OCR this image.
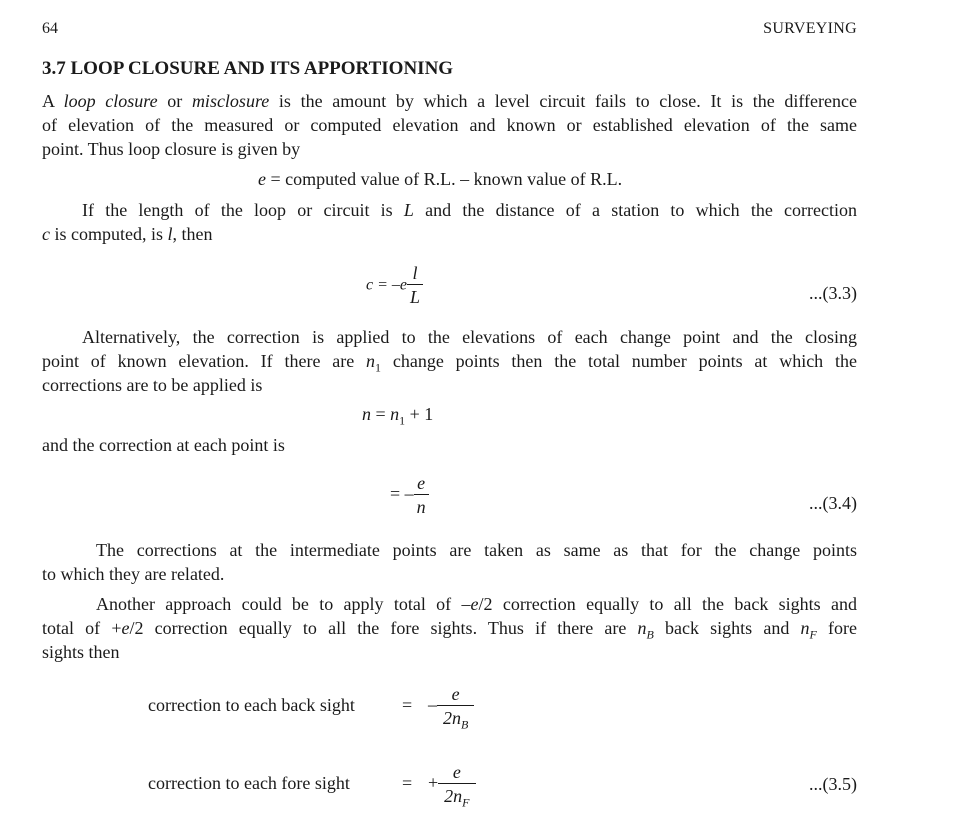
64	SURVEYING
3.7 LOOP CLOSURE AND ITS APPORTIONING
A loop closure or misclosure is the amount by which a level circuit fails to close. It is the difference
of elevation of the measured or computed elevation and known or established elevation of the same
point. Thus loop closure is given by
e = computed value of R.L. – known value of R.L.
If the length of the loop or circuit is L and the distance of a station to which the correction
c is computed, is l, then
$c = -e \frac{l}{L}$	...(3.3)
Alternatively, the correction is applied to the elevations of each change point and the closing
point of known elevation. If there are $n_1$ change points then the total number points at which the
corrections are to be applied is
$n = n_1 + 1$
and the correction at each point is
= – $\frac{e}{n}$	...(3.4)
The corrections at the intermediate points are taken as same as that for the change points
to which they are related.
Another approach could be to apply total of –e/2 correction equally to all the back sights and
total of +e/2 correction equally to all the fore sights. Thus if there are $n_B$ back sights and $n_F$ fore
sights then
correction to each back sight	= – $\frac{e}{2n_B}$
correction to each fore sight	= + $\frac{e}{2n_F}$	...(3.5)
